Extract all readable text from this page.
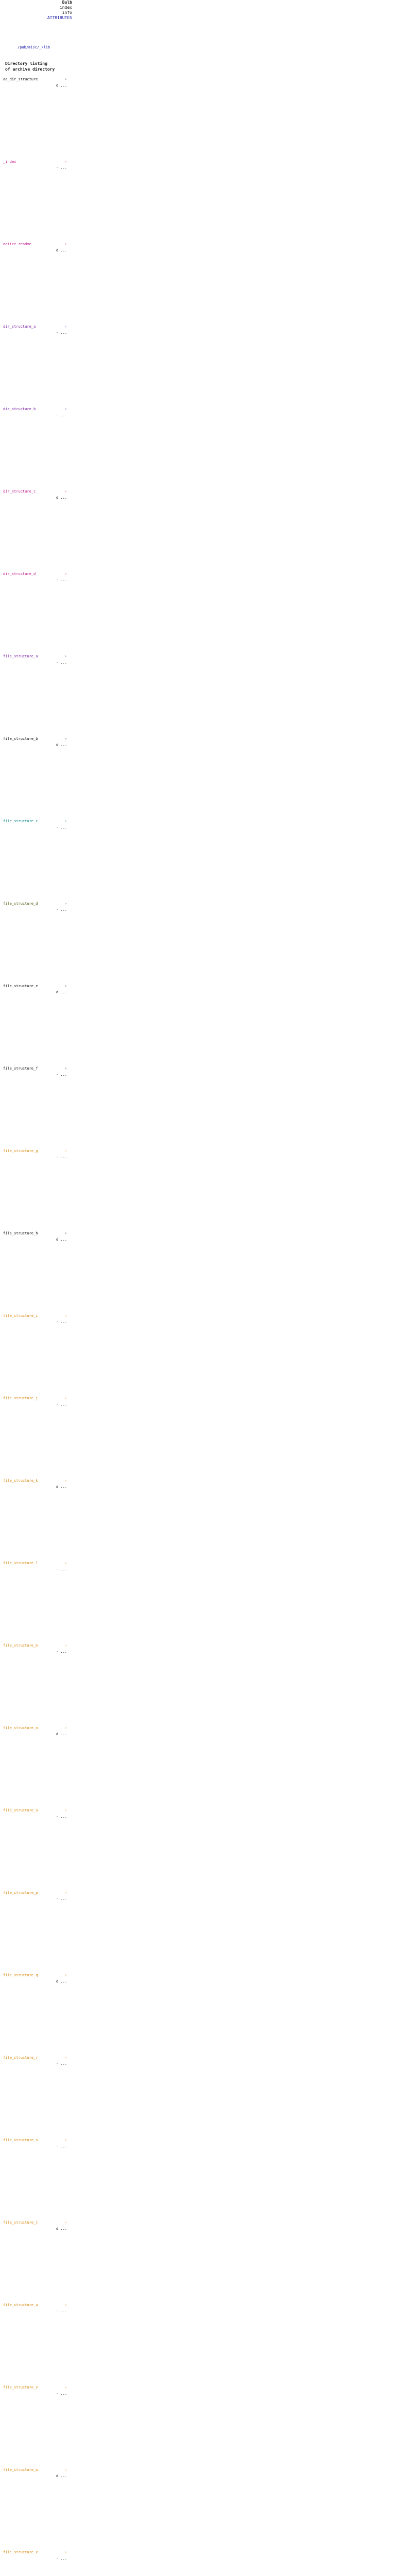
Bulb
index
info
ATTRIBUTES
/pub/misc/_/lib
Directory listing
of archive directory
aa_dir_structure	›
d ...
_index	›
- ...
notice_readme	›
d ...
dir_structure_a	›
- ...
dir_structure_b	›
- ...
dir_structure_c	›
d ...
dir_structure_d	›
- ...
file_structure_a	›
- ...
file_structure_b	›
d ...
file_structure_c	›
- ...
file_structure_d	›
- ...
file_structure_e	›
d ...
file_structure_f	›
- ...
file_structure_g	›
- ...
file_structure_h	›
d ...
file_structure_i	›
- ...
file_structure_j	›
- ...
file_structure_k	›
d ...
file_structure_l	›
- ...
file_structure_m	›
- ...
file_structure_n	›
d ...
file_structure_o	›
- ...
file_structure_p	›
- ...
file_structure_q	›
d ...
file_structure_r	›
- ...
file_structure_s	›
- ...
file_structure_t	›
d ...
file_structure_u	›
- ...
file_structure_v	›
- ...
file_structure_w	›
d ...
file_structure_x	›
- ...
